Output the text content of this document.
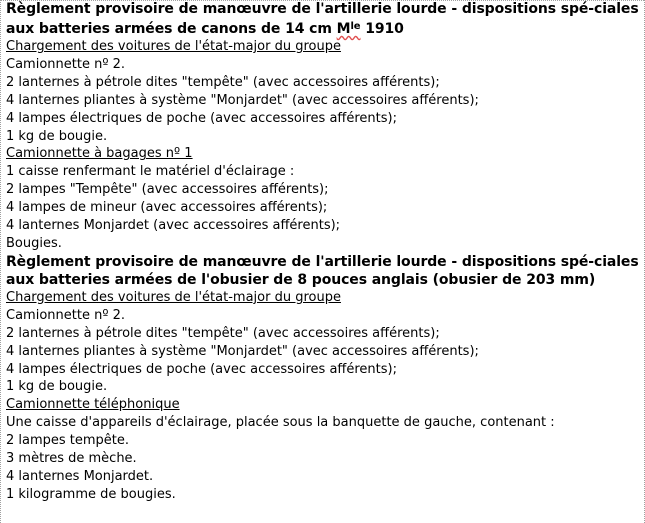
Règlement provisoire de manœuvre de l'artillerie lourde - dispositions spé-ciales aux batteries armées de canons de 14 cm $M^{le}$ 1910

Chargement des voitures de l'état-major du groupe
Camionnette nº 2.
2 lanternes à pétrole dites "tempête" (avec accessoires afférents);
4 lanternes pliantes à système "Monjardet" (avec accessoires afférents);
4 lampes électriques de poche (avec accessoires afférents);
1 kg de bougie.
Camionnette à bagages nº 1
1 caisse renfermant le matériel d'éclairage :
2 lampes "Tempête" (avec accessoires afférents);
4 lampes de mineur (avec accessoires afférents);
4 lanternes Monjardet (avec accessoires afférents);
Bougies.

Règlement provisoire de manœuvre de l'artillerie lourde - dispositions spé-ciales aux batteries armées de l'obusier de 8 pouces anglais (obusier de 203 mm)

Chargement des voitures de l'état-major du groupe
Camionnette nº 2.
2 lanternes à pétrole dites "tempête" (avec accessoires afférents);
4 lanternes pliantes à système "Monjardet" (avec accessoires afférents);
4 lampes électriques de poche (avec accessoires afférents);
1 kg de bougie.
Camionnette téléphonique
Une caisse d'appareils d'éclairage, placée sous la banquette de gauche, contenant :
2 lampes tempête.
3 mètres de mèche.
4 lanternes Monjardet.
1 kilogramme de bougies.
